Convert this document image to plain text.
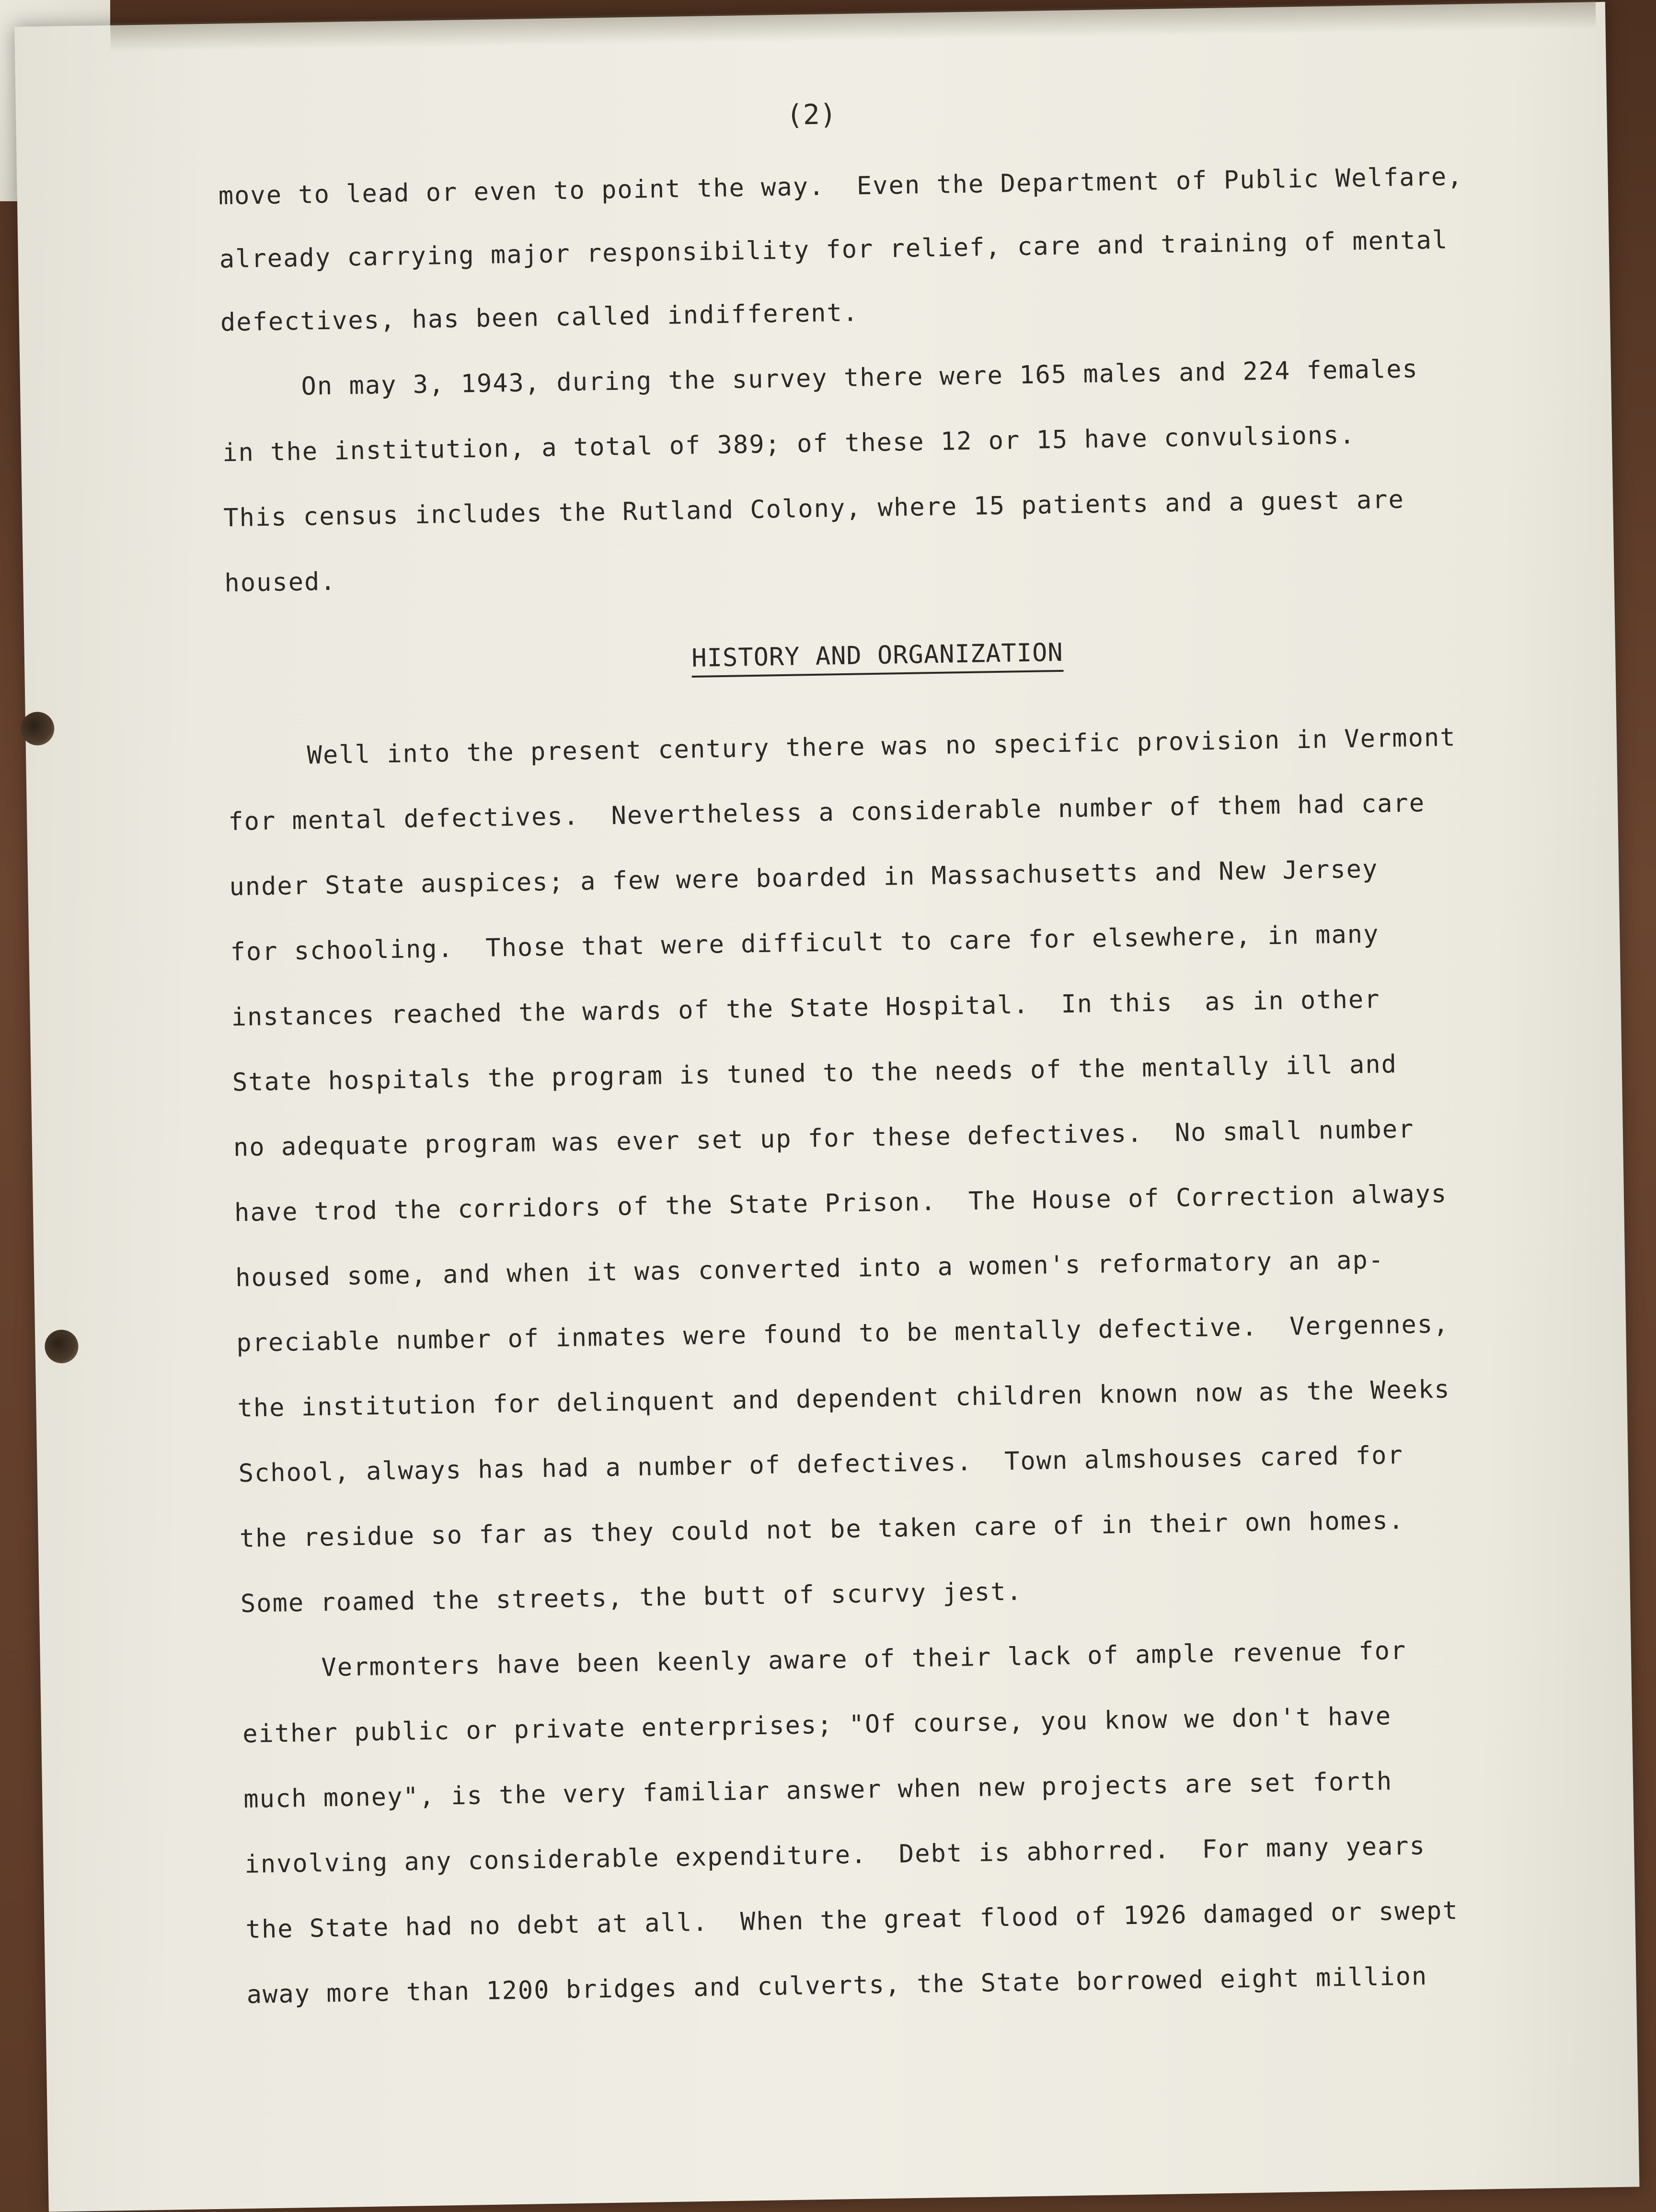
(2)
move to lead or even to point the way.  Even the Department of Public Welfare,
already carrying major responsibility for relief, care and training of mental
defectives, has been called indifferent.
On may 3, 1943, during the survey there were 165 males and 224 females
in the institution, a total of 389; of these 12 or 15 have convulsions.
This census includes the Rutland Colony, where 15 patients and a guest are
housed.
HISTORY AND ORGANIZATION
Well into the present century there was no specific provision in Vermont
for mental defectives.  Nevertheless a considerable number of them had care
under State auspices; a few were boarded in Massachusetts and New Jersey
for schooling.  Those that were difficult to care for elsewhere, in many
instances reached the wards of the State Hospital.  In this  as in other
State hospitals the program is tuned to the needs of the mentally ill and
no adequate program was ever set up for these defectives.  No small number
have trod the corridors of the State Prison.  The House of Correction always
housed some, and when it was converted into a women's reformatory an ap-
preciable number of inmates were found to be mentally defective.  Vergennes,
the institution for delinquent and dependent children known now as the Weeks
School, always has had a number of defectives.  Town almshouses cared for
the residue so far as they could not be taken care of in their own homes.
Some roamed the streets, the butt of scurvy jest.
Vermonters have been keenly aware of their lack of ample revenue for
either public or private enterprises; "Of course, you know we don't have
much money", is the very familiar answer when new projects are set forth
involving any considerable expenditure.  Debt is abhorred.  For many years
the State had no debt at all.  When the great flood of 1926 damaged or swept
away more than 1200 bridges and culverts, the State borrowed eight million
